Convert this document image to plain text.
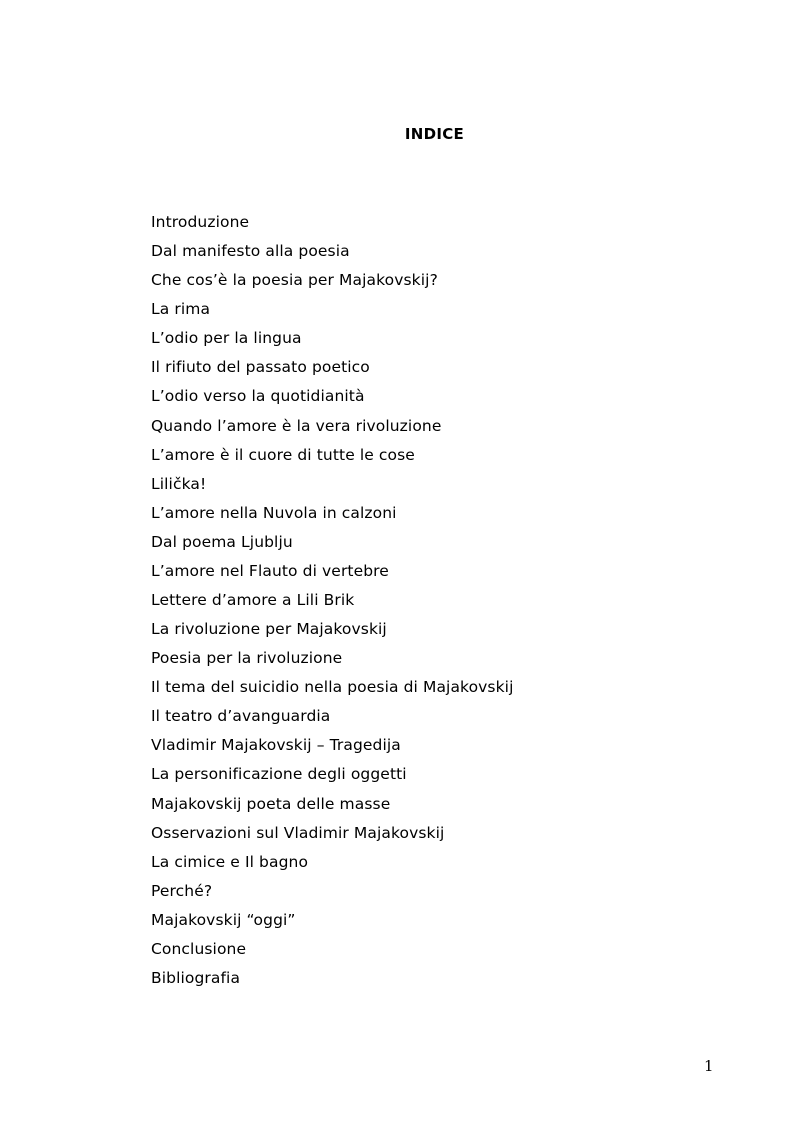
INDICE
Introduzione
Dal manifesto alla poesia
Che cos’è la poesia per Majakovskij?
La rima
L’odio per la lingua
Il rifiuto del passato poetico
L’odio verso la quotidianità
Quando l’amore è la vera rivoluzione
L’amore è il cuore di tutte le cose
Lilička!
L’amore nella Nuvola in calzoni
Dal poema Ljublju
L’amore nel Flauto di vertebre
Lettere d’amore a Lili Brik
La rivoluzione per Majakovskij
Poesia per la rivoluzione
Il tema del suicidio nella poesia di Majakovskij
Il teatro d’avanguardia
Vladimir Majakovskij – Tragedija
La personificazione degli oggetti
Majakovskij poeta delle masse
Osservazioni sul Vladimir Majakovskij
La cimice e Il bagno
Perché?
Majakovskij “oggi”
Conclusione
Bibliografia
1
